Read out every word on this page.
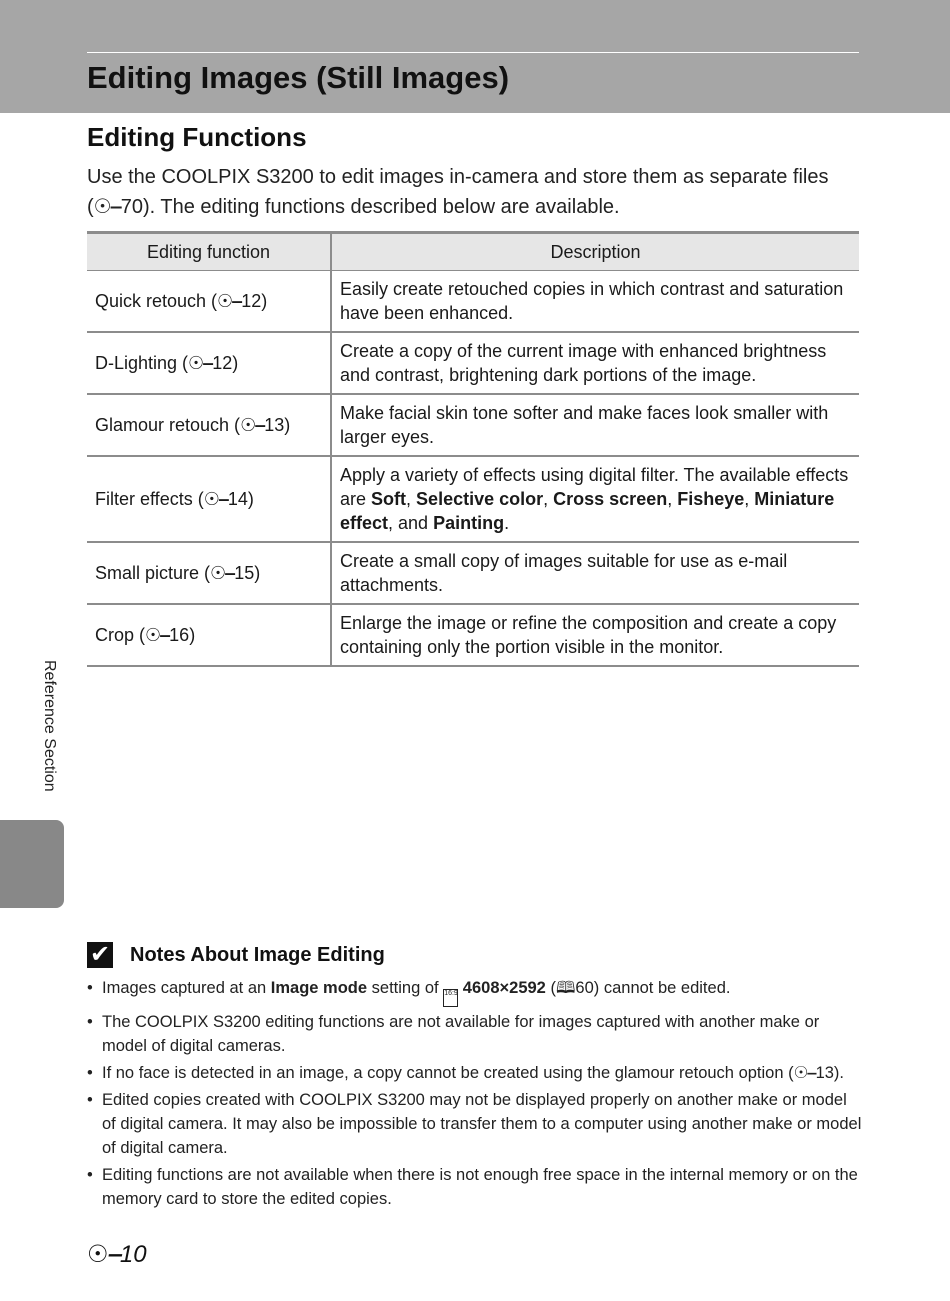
Editing Images (Still Images)
Editing Functions

Use the COOLPIX S3200 to edit images in-camera and store them as separate files (☉‒70). The editing functions described below are available.

Editing function	Description
Quick retouch (☉‒12)	Easily create retouched copies in which contrast and saturation have been enhanced.
D-Lighting (☉‒12)	Create a copy of the current image with enhanced brightness and contrast, brightening dark portions of the image.
Glamour retouch (☉‒13)	Make facial skin tone softer and make faces look smaller with larger eyes.
Filter effects (☉‒14)	Apply a variety of effects using digital filter. The available effects are Soft, Selective color, Cross screen, Fisheye, Miniature effect, and Painting.
Small picture (☉‒15)	Create a small copy of images suitable for use as e-mail attachments.
Crop (☉‒16)	Enlarge the image or refine the composition and create a copy containing only the portion visible in the monitor.
Reference Section
✔ Notes About Image Editing
• Images captured at an Image mode setting of 16:9 4608×2592 (🕮60) cannot be edited.
• The COOLPIX S3200 editing functions are not available for images captured with another make or model of digital cameras.
• If no face is detected in an image, a copy cannot be created using the glamour retouch option (☉‒13).
• Edited copies created with COOLPIX S3200 may not be displayed properly on another make or model of digital camera. It may also be impossible to transfer them to a computer using another make or model of digital camera.
• Editing functions are not available when there is not enough free space in the internal memory or on the memory card to store the edited copies.
☉‒10
